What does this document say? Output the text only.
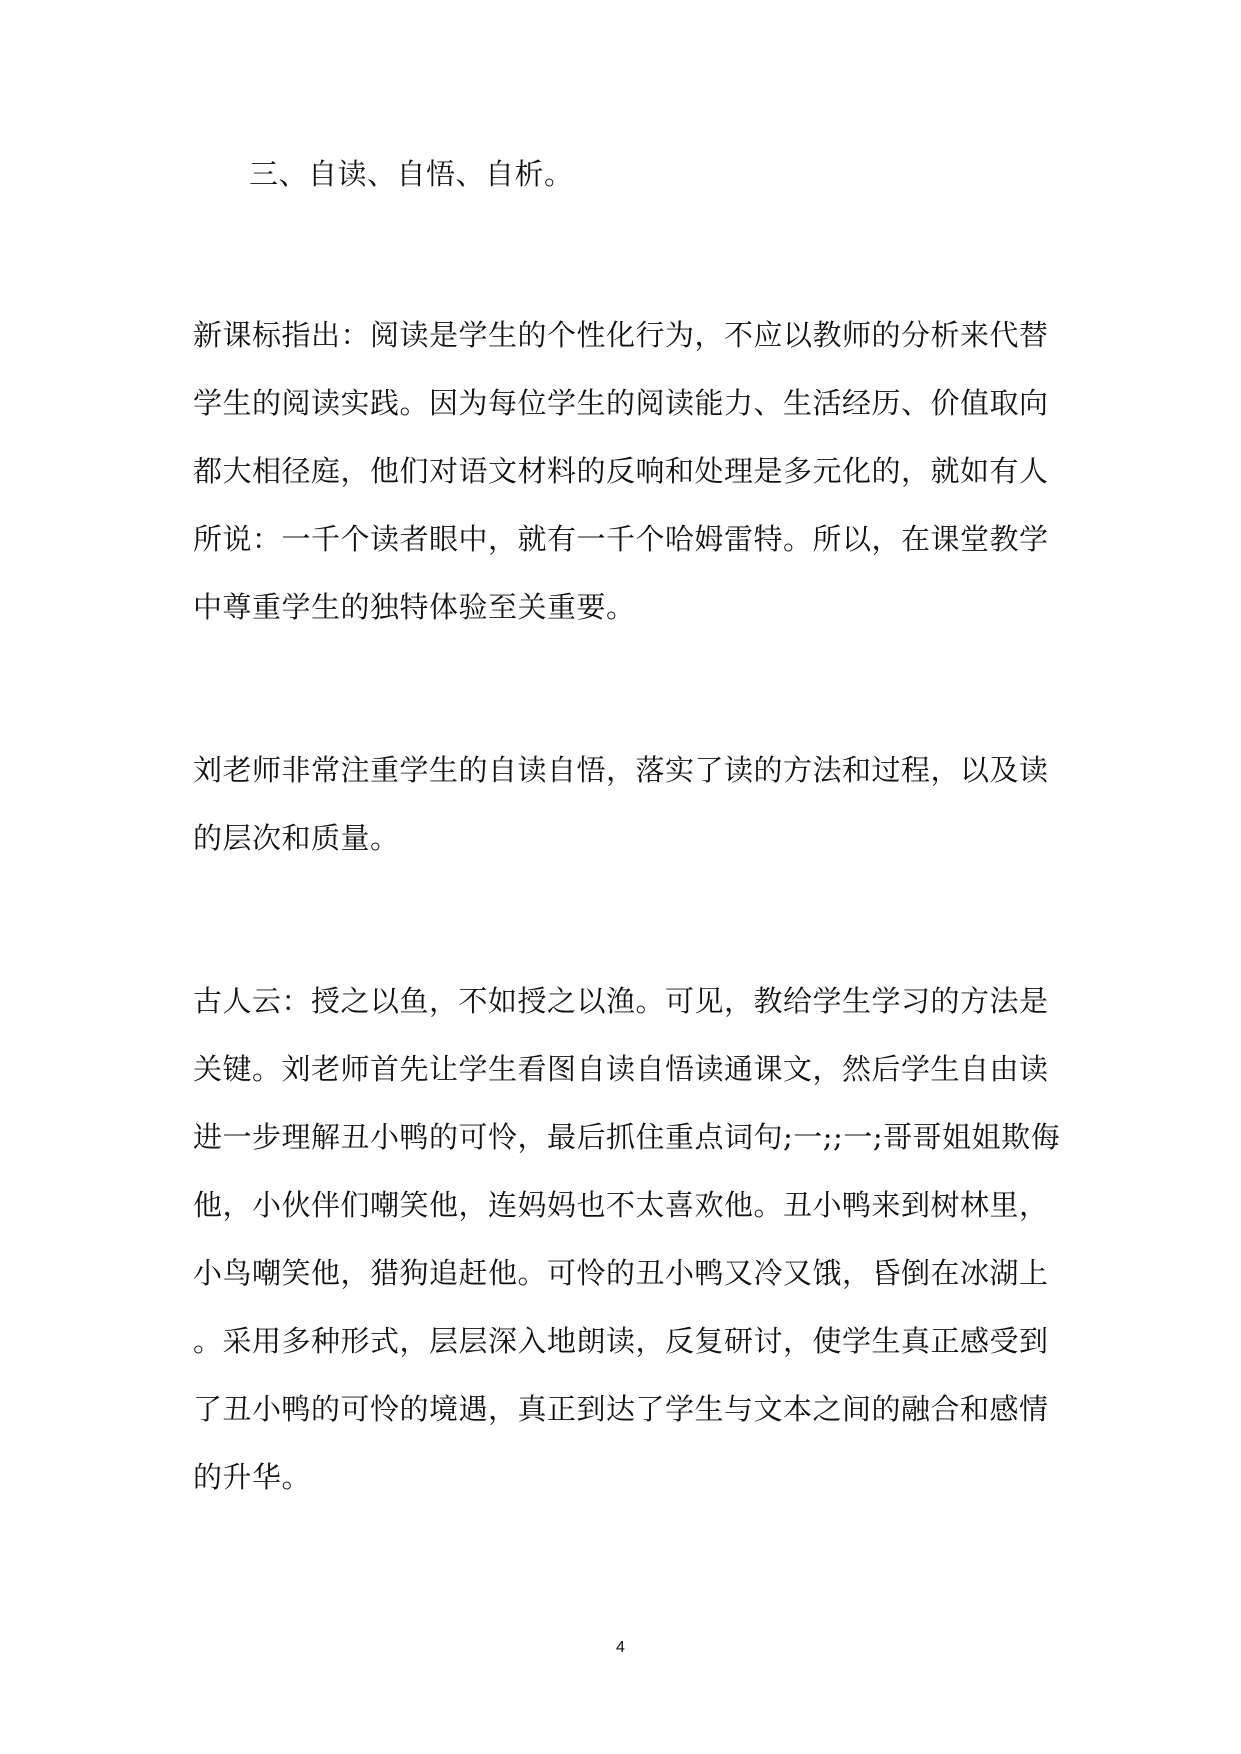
三、自读、自悟、自析。
新课标指出：阅读是学生的个性化行为，不应以教师的分析来代替
学生的阅读实践。因为每位学生的阅读能力、生活经历、价值取向
都大相径庭，他们对语文材料的反响和处理是多元化的，就如有人
所说：一千个读者眼中，就有一千个哈姆雷特。所以，在课堂教学
中尊重学生的独特体验至关重要。
刘老师非常注重学生的自读自悟，落实了读的方法和过程，以及读
的层次和质量。
古人云：授之以鱼，不如授之以渔。可见，教给学生学习的方法是
关键。刘老师首先让学生看图自读自悟读通课文，然后学生自由读
进一步理解丑小鸭的可怜，最后抓住重点词句;一;;一;哥哥姐姐欺侮
他，小伙伴们嘲笑他，连妈妈也不太喜欢他。丑小鸭来到树林里，
小鸟嘲笑他，猎狗追赶他。可怜的丑小鸭又冷又饿，昏倒在冰湖上
。采用多种形式，层层深入地朗读，反复研讨，使学生真正感受到
了丑小鸭的可怜的境遇，真正到达了学生与文本之间的融合和感情
的升华。
4
